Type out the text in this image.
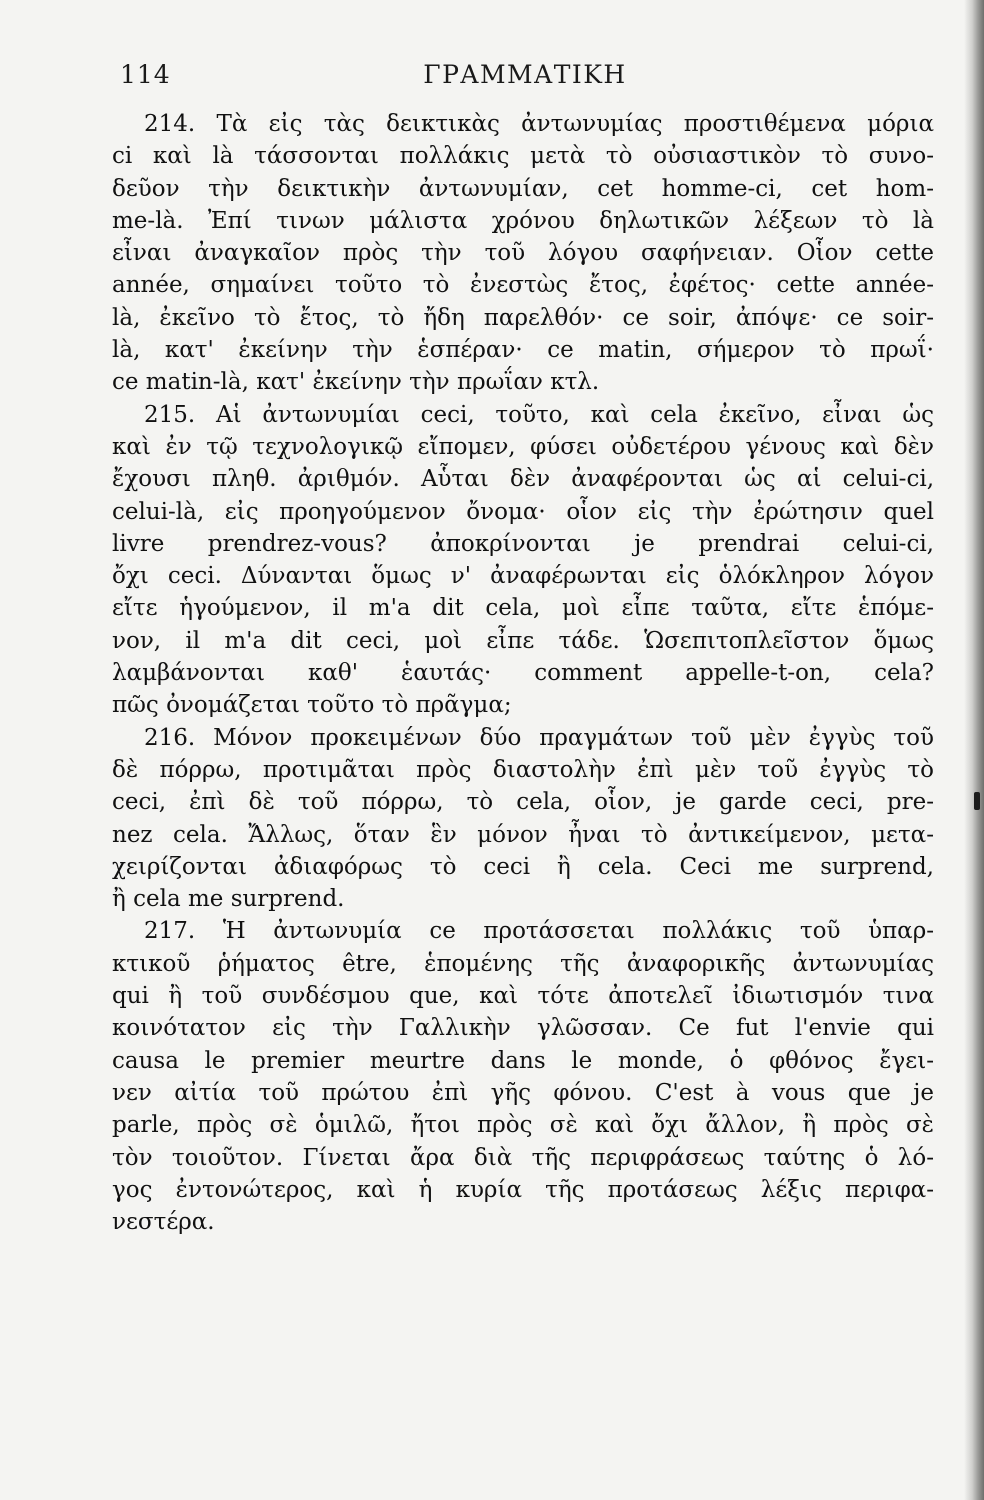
114	ΓΡΑΜΜΑΤΙΚΗ
214. Τὰ εἰς τὰς δεικτικὰς ἀντωνυμίας προστιθέμενα μόρια
ci καὶ là τάσσονται πολλάκις μετὰ τὸ οὐσιαστικὸν τὸ συνο-
δεῦον τὴν δεικτικὴν ἀντωνυμίαν, cet homme-ci, cet hom-
me-là. Ἐπί τινων μάλιστα χρόνου δηλωτικῶν λέξεων τὸ là
εἶναι ἀναγκαῖον πρὸς τὴν τοῦ λόγου σαφήνειαν. Οἷον cette
année, σημαίνει τοῦτο τὸ ἐνεστὼς ἔτος, ἐφέτος· cette année-
là, ἐκεῖνο τὸ ἔτος, τὸ ἤδη παρελθόν· ce soir, ἀπόψε· ce soir-
là, κατ' ἐκείνην τὴν ἑσπέραν· ce matin, σήμερον τὸ πρωΐ·
ce matin-là, κατ' ἐκείνην τὴν πρωΐαν κτλ.
215. Αἱ ἀντωνυμίαι ceci, τοῦτο, καὶ cela ἐκεῖνο, εἶναι ὡς
καὶ ἐν τῷ τεχνολογικῷ εἴπομεν, φύσει οὐδετέρου γένους καὶ δὲν
ἔχουσι πληθ. ἀριθμόν. Αὗται δὲν ἀναφέρονται ὡς αἱ celui-ci,
celui-là, εἰς προηγούμενον ὄνομα· οἷον εἰς τὴν ἐρώτησιν quel
livre prendrez-vous? ἀποκρίνονται je prendrai celui-ci,
ὄχι ceci. Δύνανται ὅμως ν' ἀναφέρωνται εἰς ὁλόκληρον λόγον
εἴτε ἡγούμενον, il m'a dit cela, μοὶ εἶπε ταῦτα, εἴτε ἑπόμε-
νον, il m'a dit ceci, μοὶ εἶπε τάδε. Ὡσεπιτοπλεῖστον ὅμως
λαμβάνονται καθ' ἑαυτάς· comment appelle-t-on, cela?
πῶς ὀνομάζεται τοῦτο τὸ πρᾶγμα;
216. Μόνον προκειμένων δύο πραγμάτων τοῦ μὲν ἐγγὺς τοῦ
δὲ πόρρω, προτιμᾶται πρὸς διαστολὴν ἐπὶ μὲν τοῦ ἐγγὺς τὸ
ceci, ἐπὶ δὲ τοῦ πόρρω, τὸ cela, οἷον, je garde ceci, pre-
nez cela. Ἄλλως, ὅταν ἓν μόνον ἦναι τὸ ἀντικείμενον, μετα-
χειρίζονται ἀδιαφόρως τὸ ceci ἢ cela. Ceci me surprend,
ἢ cela me surprend.
217. Ἡ ἀντωνυμία ce προτάσσεται πολλάκις τοῦ ὑπαρ-
κτικοῦ ῥήματος être, ἑπομένης τῆς ἀναφορικῆς ἀντωνυμίας
qui ἢ τοῦ συνδέσμου que, καὶ τότε ἀποτελεῖ ἰδιωτισμόν τινα
κοινότατον εἰς τὴν Γαλλικὴν γλῶσσαν. Ce fut l'envie qui
causa le premier meurtre dans le monde, ὁ φθόνος ἔγει-
νεν αἰτία τοῦ πρώτου ἐπὶ γῆς φόνου. C'est à vous que je
parle, πρὸς σὲ ὁμιλῶ, ἤτοι πρὸς σὲ καὶ ὄχι ἄλλον, ἢ πρὸς σὲ
τὸν τοιοῦτον. Γίνεται ἄρα διὰ τῆς περιφράσεως ταύτης ὁ λό-
γος ἐντονώτερος, καὶ ἡ κυρία τῆς προτάσεως λέξις περιφα-
νεστέρα.
